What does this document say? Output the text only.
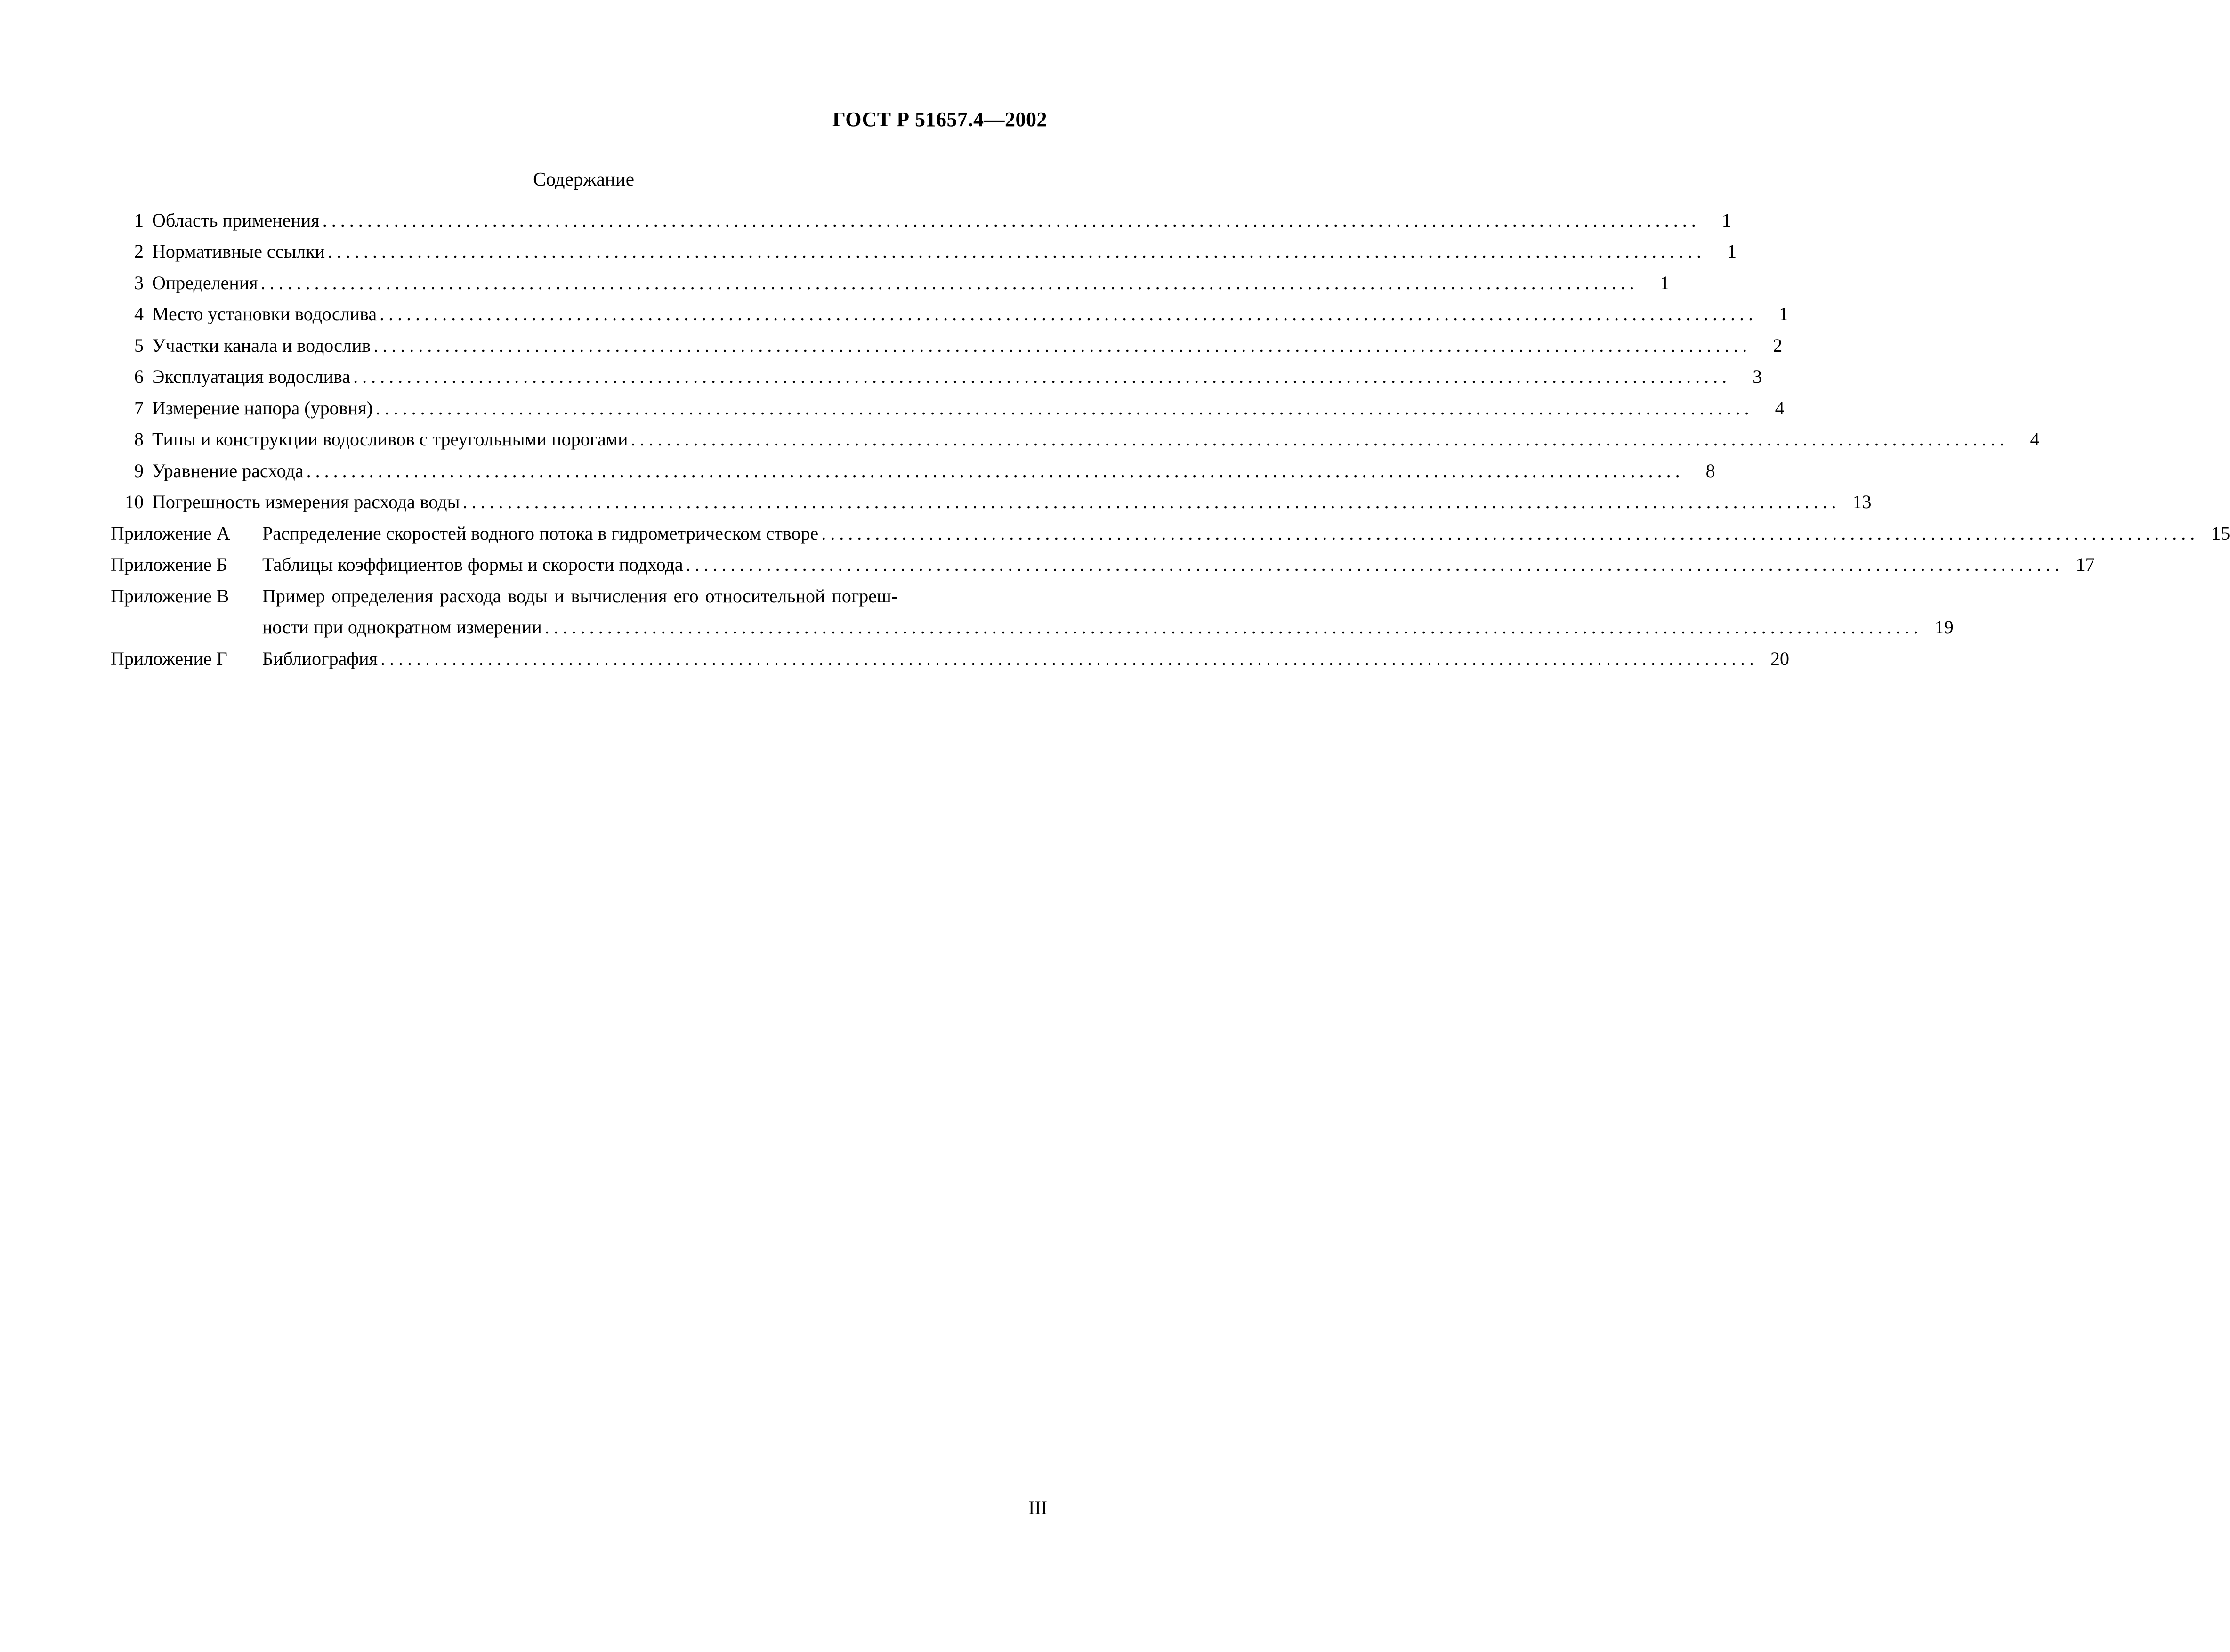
ГОСТ Р 51657.4—2002
Содержание
1 Область применения ..........................................................................................................................................................	1
2 Нормативные ссылки ..........................................................................................................................................................	1
3 Определения ..........................................................................................................................................................	1
4 Место установки водослива ..........................................................................................................................................................	1
5 Участки канала и водослив ..........................................................................................................................................................	2
6 Эксплуатация водослива ..........................................................................................................................................................	3
7 Измерение напора (уровня) ..........................................................................................................................................................	4
8 Типы и конструкции водосливов с треугольными порогами ..........................................................................................................................................................	4
9 Уравнение расхода ..........................................................................................................................................................	8
10 Погрешность измерения расхода воды .......................................................................................................................................................... 13
Приложение А	Распределение скоростей водного потока в гидрометрическом створе .......................................................................................................................................................... 15
Приложение Б	Таблицы коэффициентов формы и скорости подхода .......................................................................................................................................................... 17
Приложение В	Пример определения расхода воды и вычисления его относительной погреш-
ности при однократном измерении .......................................................................................................................................................... 19
Приложение Г	Библиография .......................................................................................................................................................... 20
III
